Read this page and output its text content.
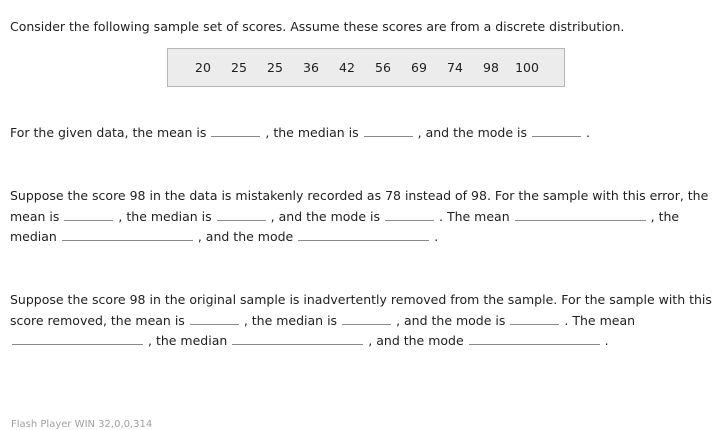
Consider the following sample set of scores. Assume these scores are from a discrete distribution.
20 25 25 36 42 56 69 74 98 100
For the given data, the mean is	, the median is	, and the mode is	.
Suppose the score 98 in the data is mistakenly recorded as 78 instead of 98. For the sample with this error, the
mean is	, the median is	, and the mode is	. The mean	, the
median	, and the mode	.
Suppose the score 98 in the original sample is inadvertently removed from the sample. For the sample with this
score removed, the mean is	, the median is	, and the mode is	. The mean
, the median	, and the mode	.
Flash Player WIN 32,0,0,314
